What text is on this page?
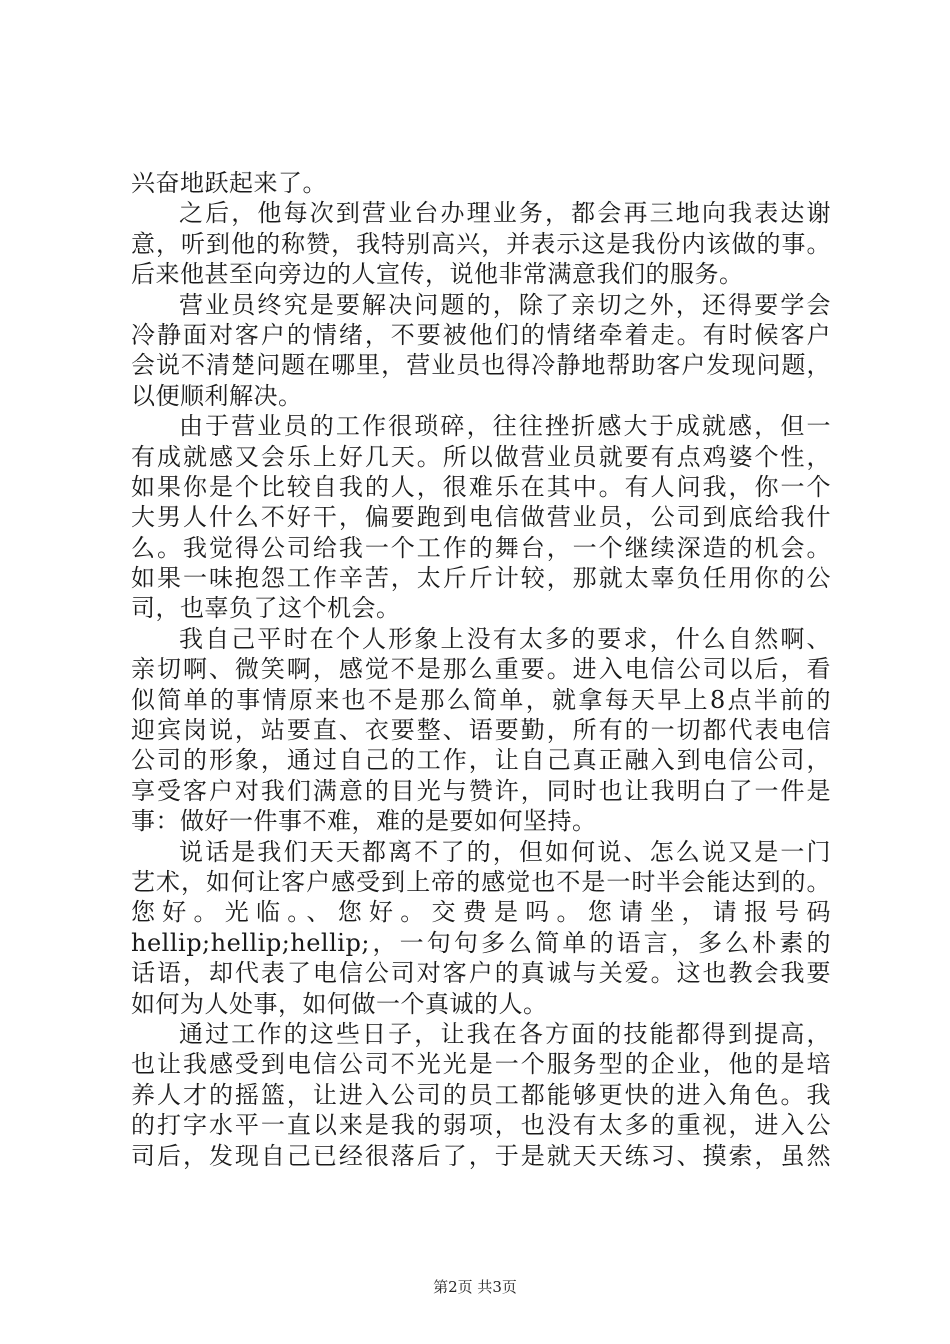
兴奋地跃起来了。
之后，他每次到营业台办理业务，都会再三地向我表达谢
意，听到他的称赞，我特别高兴，并表示这是我份内该做的事。
后来他甚至向旁边的人宣传，说他非常满意我们的服务。
营业员终究是要解决问题的，除了亲切之外，还得要学会
冷静面对客户的情绪，不要被他们的情绪牵着走。有时候客户
会说不清楚问题在哪里，营业员也得冷静地帮助客户发现问题，
以便顺利解决。
由于营业员的工作很琐碎，往往挫折感大于成就感，但一
有成就感又会乐上好几天。所以做营业员就要有点鸡婆个性，
如果你是个比较自我的人，很难乐在其中。有人问我，你一个
大男人什么不好干，偏要跑到电信做营业员，公司到底给我什
么。我觉得公司给我一个工作的舞台，一个继续深造的机会。
如果一味抱怨工作辛苦，太斤斤计较，那就太辜负任用你的公
司，也辜负了这个机会。
我自己平时在个人形象上没有太多的要求，什么自然啊、
亲切啊、微笑啊，感觉不是那么重要。进入电信公司以后，看
似简单的事情原来也不是那么简单，就拿每天早上8点半前的
迎宾岗说，站要直、衣要整、语要勤，所有的一切都代表电信
公司的形象，通过自己的工作，让自己真正融入到电信公司，
享受客户对我们满意的目光与赞许，同时也让我明白了一件是
事：做好一件事不难，难的是要如何坚持。
说话是我们天天都离不了的，但如何说、怎么说又是一门
艺术，如何让客户感受到上帝的感觉也不是一时半会能达到的。
您好。光临。、您好。交费是吗。您请坐，请报号码
hellip;hellip;hellip;，一句句多么简单的语言，多么朴素的
话语，却代表了电信公司对客户的真诚与关爱。这也教会我要
如何为人处事，如何做一个真诚的人。
通过工作的这些日子，让我在各方面的技能都得到提高，
也让我感受到电信公司不光光是一个服务型的企业，他的是培
养人才的摇篮，让进入公司的员工都能够更快的进入角色。我
的打字水平一直以来是我的弱项，也没有太多的重视，进入公
司后，发现自己已经很落后了，于是就天天练习、摸索，虽然
第2页 共3页
